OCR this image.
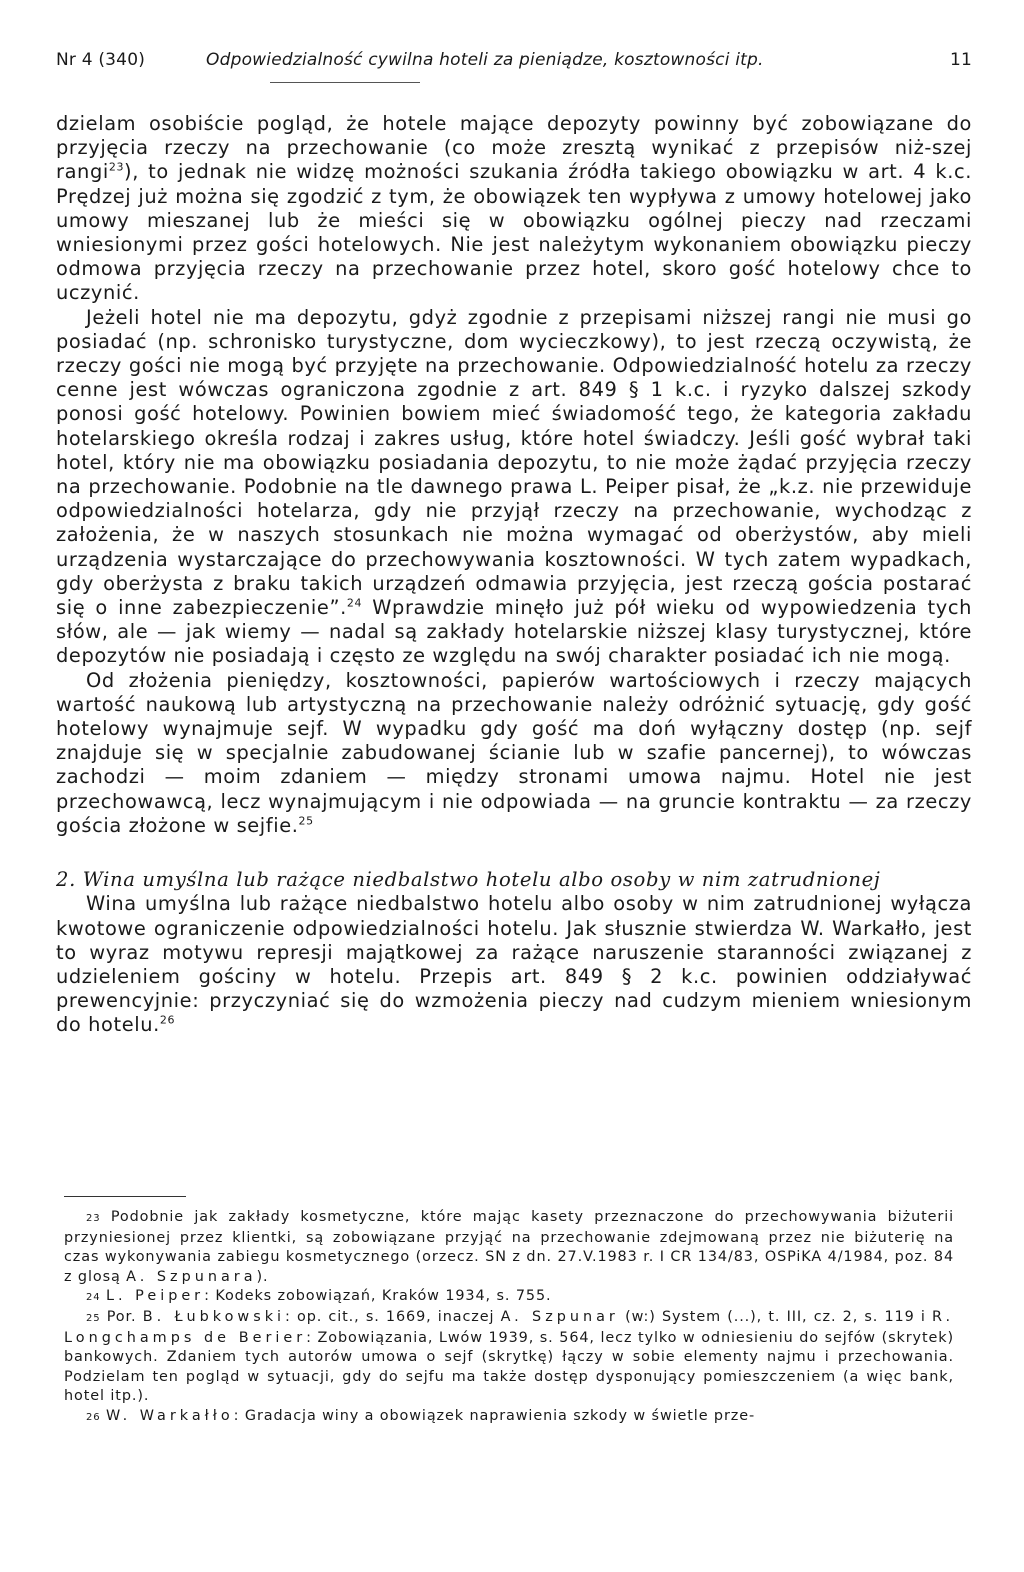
Nr 4 (340)	Odpowiedzialność cywilna hoteli za pieniądze, kosztowności itp.	11

dzielam osobiście pogląd, że hotele mające depozyty powinny być zobowiązane do przyjęcia rzeczy na przechowanie (co może zresztą wynikać z przepisów niż-szej rangi$^{23}$), to jednak nie widzę możności szukania źródła takiego obowiązku w art. 4 k.c. Prędzej już można się zgodzić z tym, że obowiązek ten wypływa z umowy hotelowej jako umowy mieszanej lub że mieści się w obowiązku ogólnej pieczy nad rzeczami wniesionymi przez gości hotelowych. Nie jest należytym wykonaniem obowiązku pieczy odmowa przyjęcia rzeczy na przechowanie przez hotel, skoro gość hotelowy chce to uczynić.

Jeżeli hotel nie ma depozytu, gdyż zgodnie z przepisami niższej rangi nie musi go posiadać (np. schronisko turystyczne, dom wycieczkowy), to jest rzeczą oczywistą, że rzeczy gości nie mogą być przyjęte na przechowanie. Odpowiedzialność hotelu za rzeczy cenne jest wówczas ograniczona zgodnie z art. 849 § 1 k.c. i ryzyko dalszej szkody ponosi gość hotelowy. Powinien bowiem mieć świadomość tego, że kategoria zakładu hotelarskiego określa rodzaj i zakres usług, które hotel świadczy. Jeśli gość wybrał taki hotel, który nie ma obowiązku posiadania depozytu, to nie może żądać przyjęcia rzeczy na przechowanie. Podobnie na tle dawnego prawa L. Peiper pisał, że „k.z. nie przewiduje odpowiedzialności hotelarza, gdy nie przyjął rzeczy na przechowanie, wychodząc z założenia, że w naszych stosunkach nie można wymagać od oberżystów, aby mieli urządzenia wystarczające do przechowywania kosztowności. W tych zatem wypadkach, gdy oberżysta z braku takich urządzeń odmawia przyjęcia, jest rzeczą gościa postarać się o inne zabezpieczenie”.$^{24}$ Wprawdzie minęło już pół wieku od wypowiedzenia tych słów, ale — jak wiemy — nadal są zakłady hotelarskie niższej klasy turystycznej, które depozytów nie posiadają i często ze względu na swój charakter posiadać ich nie mogą.

Od złożenia pieniędzy, kosztowności, papierów wartościowych i rzeczy mających wartość naukową lub artystyczną na przechowanie należy odróżnić sytuację, gdy gość hotelowy wynajmuje sejf. W wypadku gdy gość ma doń wyłączny dostęp (np. sejf znajduje się w specjalnie zabudowanej ścianie lub w szafie pancernej), to wówczas zachodzi — moim zdaniem — między stronami umowa najmu. Hotel nie jest przechowawcą, lecz wynajmującym i nie odpowiada — na gruncie kontraktu — za rzeczy gościa złożone w sejfie.$^{25}$

2. Wina umyślna lub rażące niedbalstwo hotelu albo osoby w nim zatrudnionej

Wina umyślna lub rażące niedbalstwo hotelu albo osoby w nim zatrudnionej wyłącza kwotowe ograniczenie odpowiedzialności hotelu. Jak słusznie stwierdza W. Warkałło, jest to wyraz motywu represji majątkowej za rażące naruszenie staranności związanej z udzieleniem gościny w hotelu. Przepis art. 849 § 2 k.c. powinien oddziaływać prewencyjnie: przyczyniać się do wzmożenia pieczy nad cudzym mieniem wniesionym do hotelu.$^{26}$

23 Podobnie jak zakłady kosmetyczne, które mając kasety przeznaczone do przechowywania biżuterii przyniesionej przez klientki, są zobowiązane przyjąć na przechowanie zdejmowaną przez nie biżuterię na czas wykonywania zabiegu kosmetycznego (orzecz. SN z dn. 27.V.1983 r. I CR 134/83, OSPiKA 4/1984, poz. 84 z glosą A. Szpunara).

24 L. Peiper: Kodeks zobowiązań, Kraków 1934, s. 755.

25 Por. B. Łubkowski: op. cit., s. 1669, inaczej A. Szpunar (w:) System (...), t. III, cz. 2, s. 119 i R. Longchamps de Berier: Zobowiązania, Lwów 1939, s. 564, lecz tylko w odniesieniu do sejfów (skrytek) bankowych. Zdaniem tych autorów umowa o sejf (skrytkę) łączy w sobie elementy najmu i przechowania. Podzielam ten pogląd w sytuacji, gdy do sejfu ma także dostęp dysponujący pomieszczeniem (a więc bank, hotel itp.).

26 W. Warkałło: Gradacja winy a obowiązek naprawienia szkody w świetle prze-
